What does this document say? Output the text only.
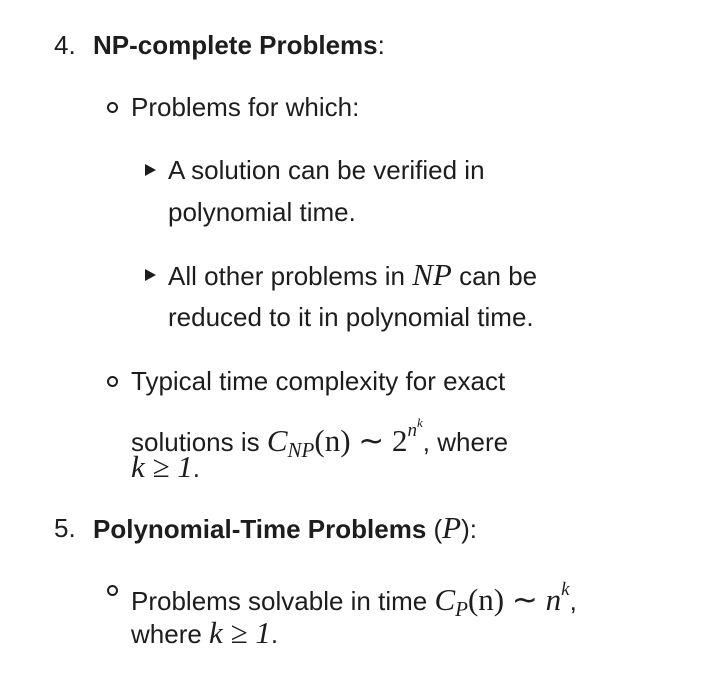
4. NP-complete Problems:
Problems for which:
A solution can be verified in
polynomial time.
All other problems in NP can be
reduced to it in polynomial time.
Typical time complexity for exact
solutions is $C_{NP}(n)$ ∼ $2^{n^k}$, where
k ≥ 1.
5. Polynomial-Time Problems (P):
Problems solvable in time $C_P(n)$ ∼ $n^k$,
where k ≥ 1.
